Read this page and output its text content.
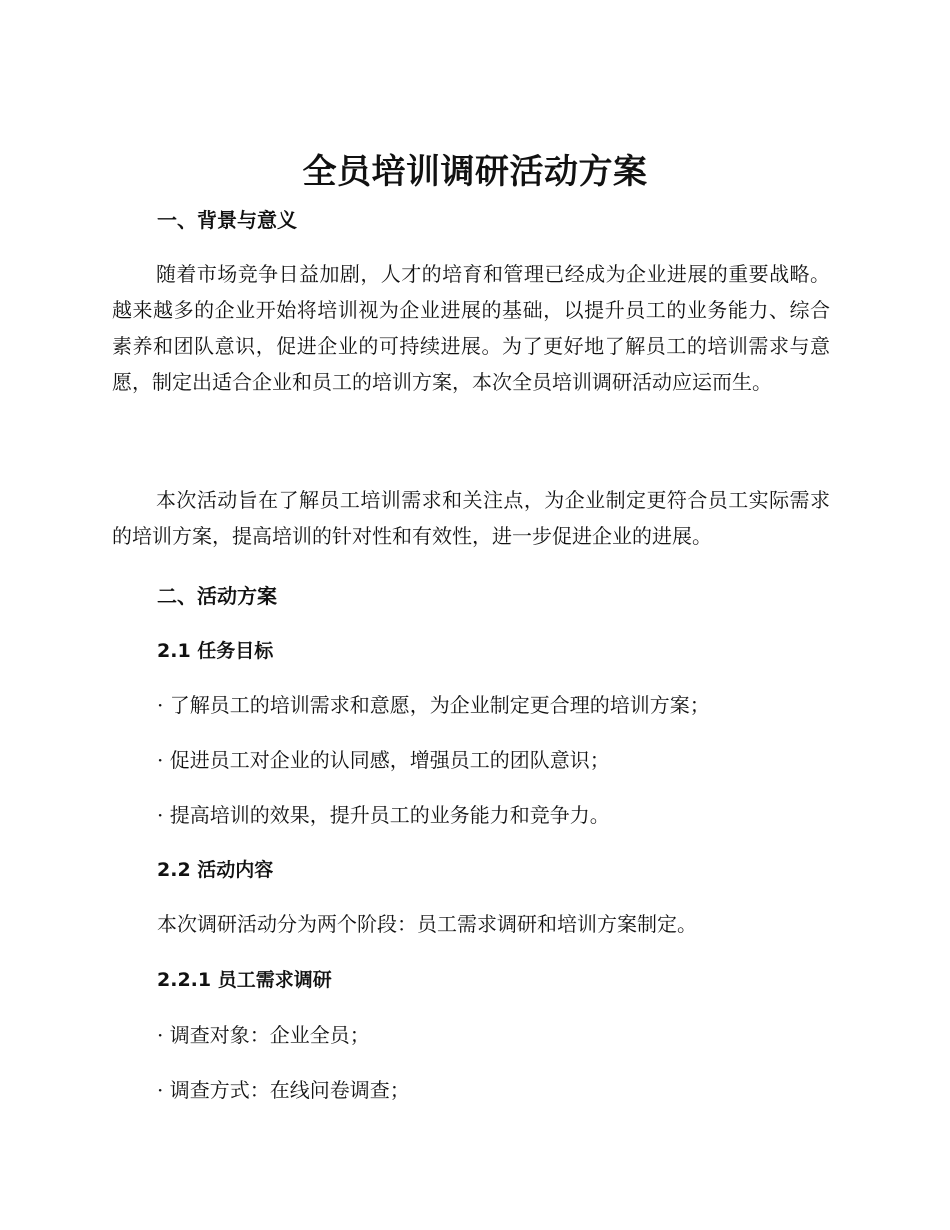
全员培训调研活动方案
一、背景与意义

随着市场竞争日益加剧，人才的培育和管理已经成为企业进展的重要战略。越来越多的企业开始将培训视为企业进展的基础，以提升员工的业务能力、综合素养和团队意识，促进企业的可持续进展。为了更好地了解员工的培训需求与意愿，制定出适合企业和员工的培训方案，本次全员培训调研活动应运而生。

本次活动旨在了解员工培训需求和关注点，为企业制定更符合员工实际需求的培训方案，提高培训的针对性和有效性，进一步促进企业的进展。

二、活动方案
2.1 任务目标
· 了解员工的培训需求和意愿，为企业制定更合理的培训方案；
· 促进员工对企业的认同感，增强员工的团队意识；
· 提高培训的效果，提升员工的业务能力和竞争力。
2.2 活动内容
本次调研活动分为两个阶段：员工需求调研和培训方案制定。
2.2.1 员工需求调研
· 调查对象：企业全员；
· 调查方式：在线问卷调查；
